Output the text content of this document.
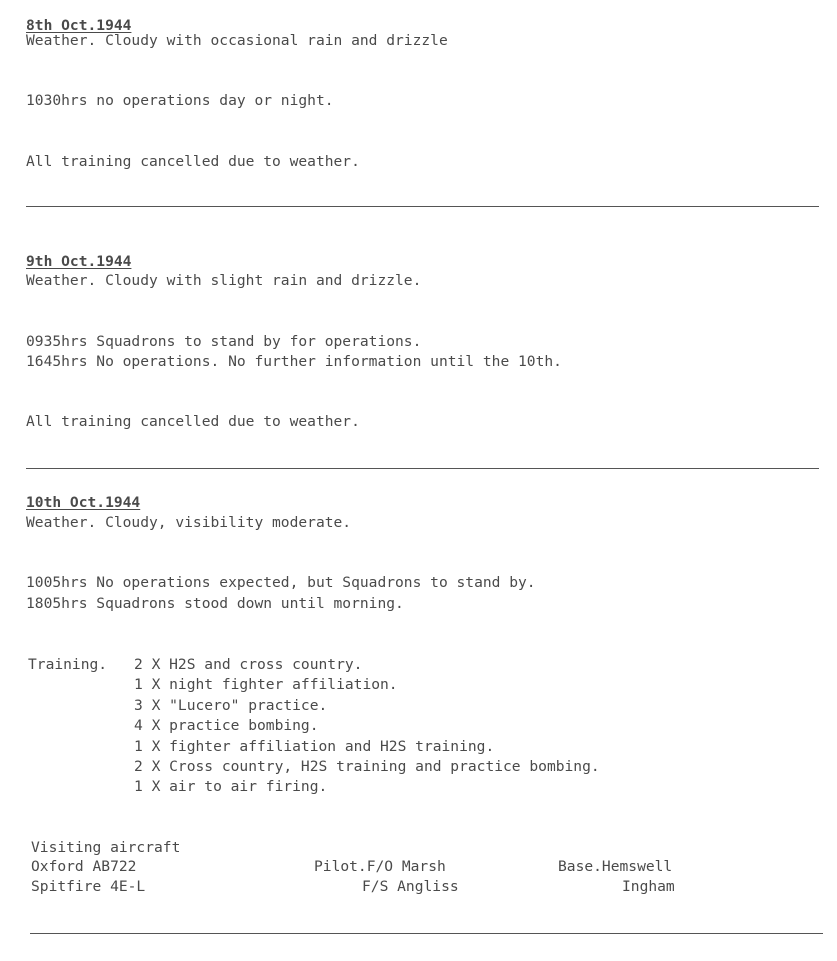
8th Oct.1944
Weather. Cloudy with occasional rain and drizzle
1030hrs no operations day or night.
All training cancelled due to weather.
9th Oct.1944
Weather. Cloudy with slight rain and drizzle.
0935hrs Squadrons to stand by for operations.
1645hrs No operations. No further information until the 10th.
All training cancelled due to weather.
10th Oct.1944
Weather. Cloudy, visibility moderate.
1005hrs No operations expected, but Squadrons to stand by.
1805hrs Squadrons stood down until morning.
Training. 2 X H2S and cross country.
1 X night fighter affiliation.
3 X "Lucero" practice.
4 X practice bombing.
1 X fighter affiliation and H2S training.
2 X Cross country, H2S training and practice bombing.
1 X air to air firing.
Visiting aircraft
Oxford AB722	Pilot.F/O Marsh	Base.Hemswell
Spitfire 4E-L	F/S Angliss	Ingham
